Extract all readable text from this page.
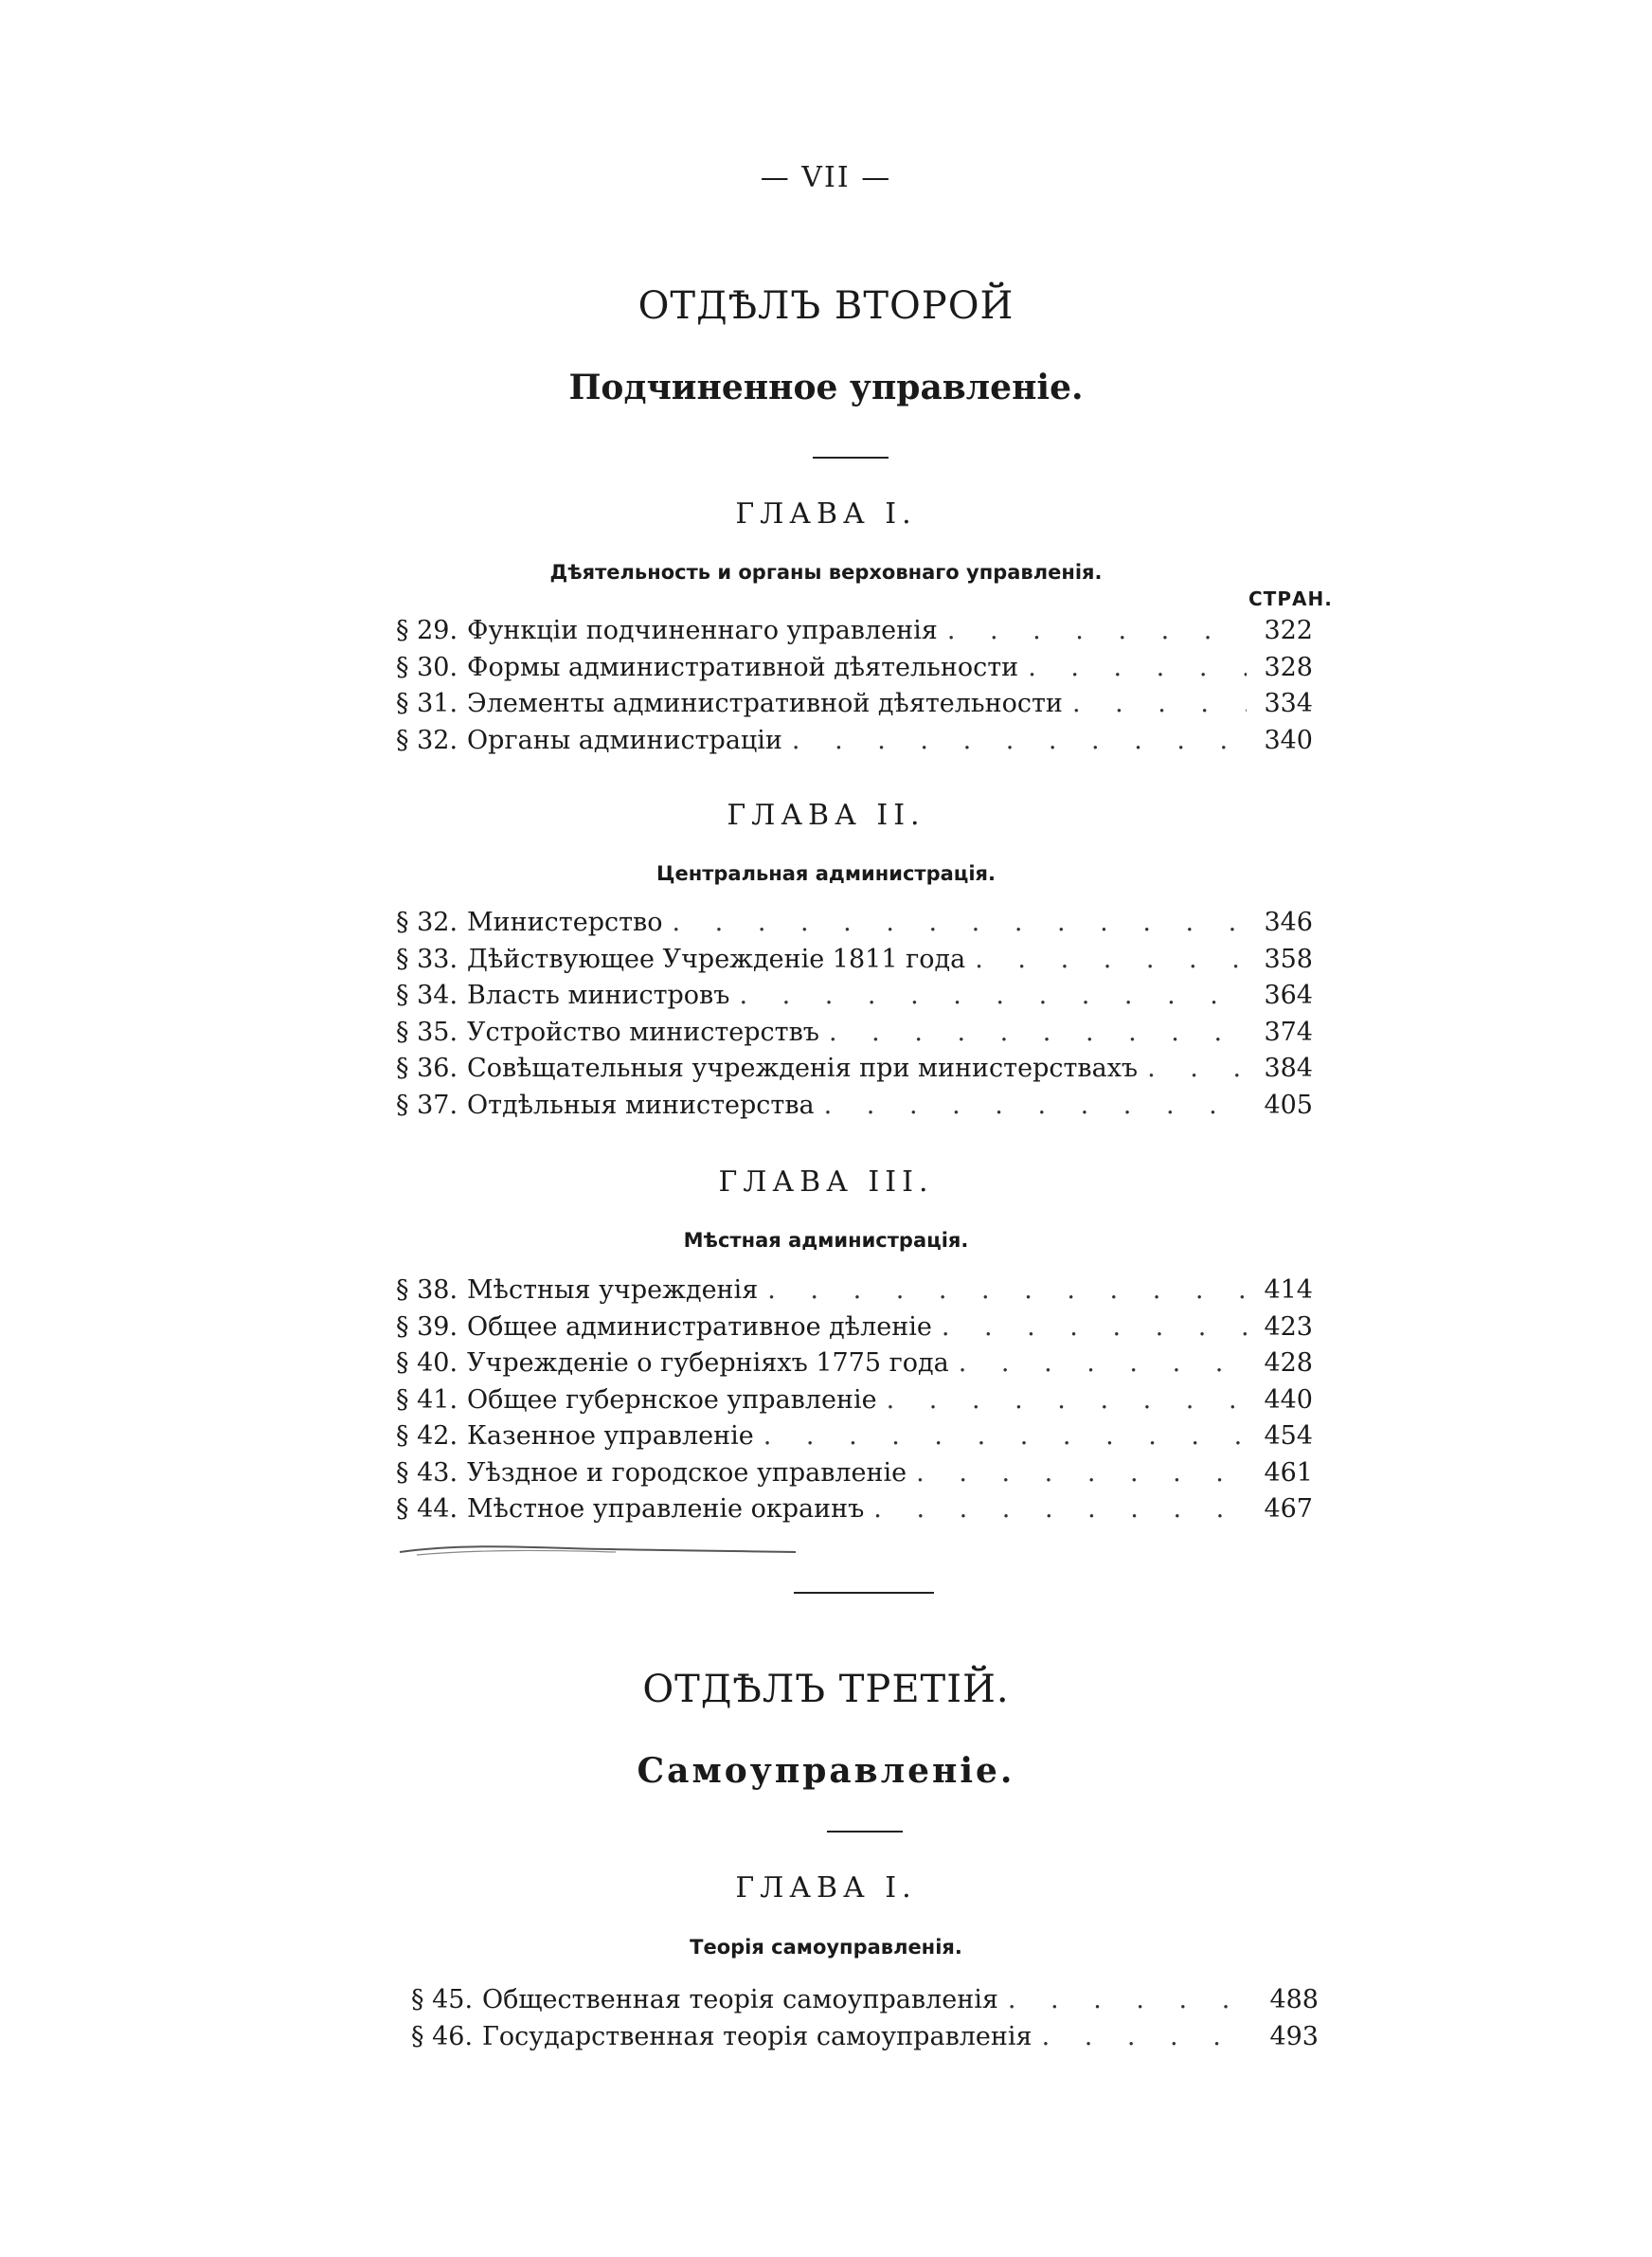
— VII —
ОТДѢЛЪ ВТОРОЙ
Подчиненное управленіе.
ГЛАВА I.
Дѣятельность и органы верховнаго управленія.
СТРАН.
§ 29. Функціи подчиненнаго управленія . . .	322
§ 30. Формы административной дѣятельности . . .	328
§ 31. Элементы административной дѣятельности . . .	334
§ 32. Органы администраціи . . .	340
ГЛАВА II.
Центральная администрація.
§ 32. Министерство . . .	346
§ 33. Дѣйствующее Учрежденіе 1811 года . . .	358
§ 34. Власть министровъ . . .	364
§ 35. Устройство министерствъ . . .	374
§ 36. Совѣщательныя учрежденія при министерствахъ . . .	384
§ 37. Отдѣльныя министерства . . .	405
ГЛАВА III.
Мѣстная администрація.
§ 38. Мѣстныя учрежденія . . .	414
§ 39. Общее административное дѣленіе . . .	423
§ 40. Учрежденіе о губерніяхъ 1775 года . . .	428
§ 41. Общее губернское управленіе . . .	440
§ 42. Казенное управленіе . . .	454
§ 43. Уѣздное и городское управленіе . . .	461
§ 44. Мѣстное управленіе окраинъ . . .	467
ОТДѢЛЪ ТРЕТІЙ.
Самоуправленіе.
ГЛАВА I.
Теорія самоуправленія.
§ 45. Общественная теорія самоуправленія . . .	488
§ 46. Государственная теорія самоуправленія . . .	493
